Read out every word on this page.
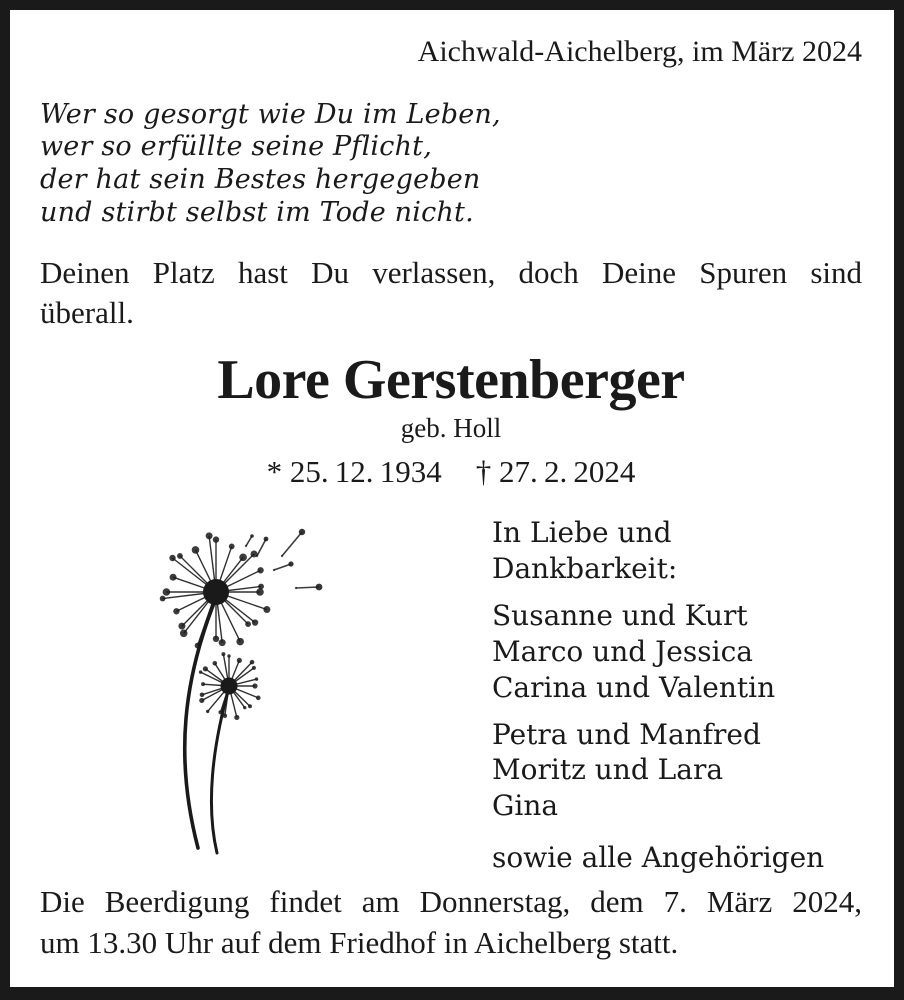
Aichwald-Aichelberg, im März 2024
Wer so gesorgt wie Du im Leben,
wer so erfüllte seine Pflicht,
der hat sein Bestes hergegeben
und stirbt selbst im Tode nicht.
Deinen Platz hast Du verlassen, doch Deine Spuren sind
überall.
Lore Gerstenberger
geb. Holl
* 25. 12. 1934 † 27. 2. 2024
In Liebe und Dankbarkeit:
Susanne und Kurt
Marco und Jessica
Carina und Valentin
Petra und Manfred
Moritz und Lara
Gina
sowie alle Angehörigen
Die Beerdigung findet am Donnerstag, dem 7. März 2024,
um 13.30 Uhr auf dem Friedhof in Aichelberg statt.
